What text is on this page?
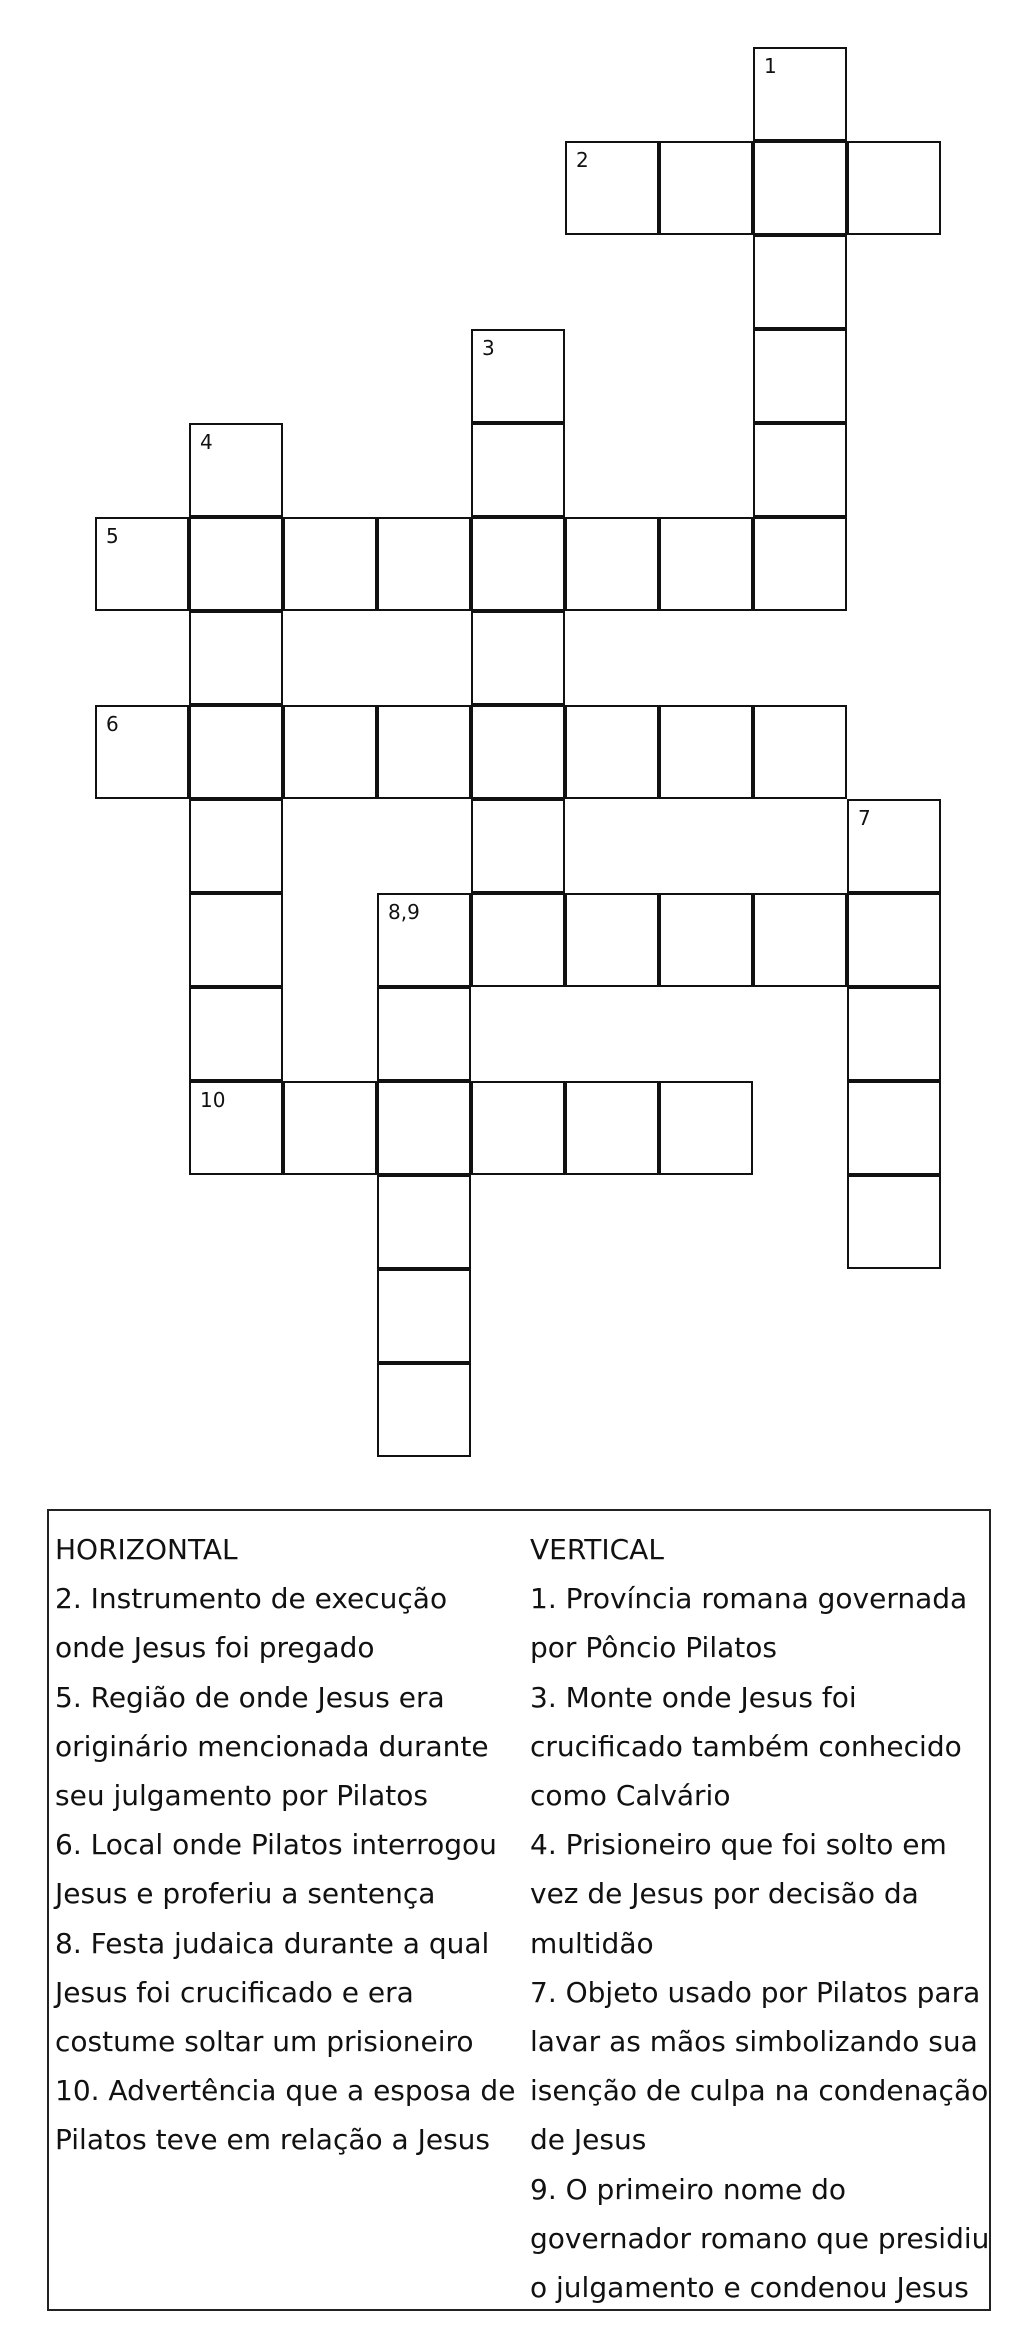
1
2
3
4
5
6
7
8,9
10

HORIZONTAL

2. Instrumento de execução onde Jesus foi pregado

5. Região de onde Jesus era originário mencionada durante seu julgamento por Pilatos

6. Local onde Pilatos interrogou Jesus e proferiu a sentença

8. Festa judaica durante a qual Jesus foi crucificado e era costume soltar um prisioneiro

10. Advertência que a esposa de Pilatos teve em relação a Jesus

VERTICAL

1. Província romana governada por Pôncio Pilatos

3. Monte onde Jesus foi crucificado também conhecido como Calvário

4. Prisioneiro que foi solto em vez de Jesus por decisão da multidão

7. Objeto usado por Pilatos para lavar as mãos simbolizando sua isenção de culpa na condenação de Jesus

9. O primeiro nome do governador romano que presidiu o julgamento e condenou Jesus
